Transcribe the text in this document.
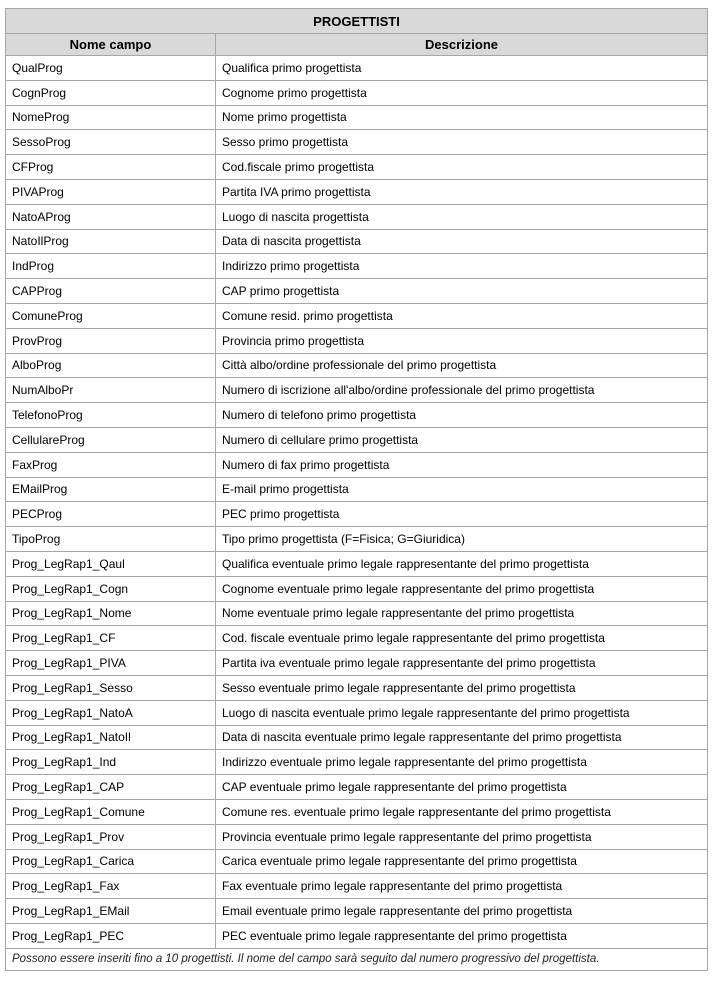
PROGETTISTI	
Nome campo	Descrizione
QualProg	Qualifica primo progettista
CognProg	Cognome primo progettista
NomeProg	Nome primo progettista
SessoProg	Sesso primo progettista
CFProg	Cod.fiscale primo progettista
PIVAProg	Partita IVA primo progettista
NatoAProg	Luogo di nascita progettista
NatoIlProg	Data di nascita progettista
IndProg	Indirizzo primo progettista
CAPProg	CAP primo progettista
ComuneProg	Comune resid. primo progettista
ProvProg	Provincia primo progettista
AlboProg	Città albo/ordine professionale del primo progettista
NumAlboPr	Numero di iscrizione all'albo/ordine professionale del primo progettista
TelefonoProg	Numero di telefono primo progettista
CellulareProg	Numero di cellulare primo progettista
FaxProg	Numero di fax primo progettista
EMailProg	E-mail primo progettista
PECProg	PEC primo progettista
TipoProg	Tipo primo progettista (F=Fisica; G=Giuridica)
Prog_LegRap1_Qaul	Qualifica eventuale primo legale rappresentante del primo progettista
Prog_LegRap1_Cogn	Cognome eventuale primo legale rappresentante del primo progettista
Prog_LegRap1_Nome	Nome eventuale primo legale rappresentante del primo progettista
Prog_LegRap1_CF	Cod. fiscale eventuale primo legale rappresentante del primo progettista
Prog_LegRap1_PIVA	Partita iva eventuale primo legale rappresentante del primo progettista
Prog_LegRap1_Sesso	Sesso eventuale primo legale rappresentante del primo progettista
Prog_LegRap1_NatoA	Luogo di nascita eventuale primo legale rappresentante del primo progettista
Prog_LegRap1_NatoIl	Data di nascita eventuale primo legale rappresentante del primo progettista
Prog_LegRap1_Ind	Indirizzo eventuale primo legale rappresentante del primo progettista
Prog_LegRap1_CAP	CAP eventuale primo legale rappresentante del primo progettista
Prog_LegRap1_Comune	Comune res. eventuale primo legale rappresentante del primo progettista
Prog_LegRap1_Prov	Provincia eventuale primo legale rappresentante del primo progettista
Prog_LegRap1_Carica	Carica eventuale primo legale rappresentante del primo progettista
Prog_LegRap1_Fax	Fax eventuale primo legale rappresentante del primo progettista
Prog_LegRap1_EMail	Email eventuale primo legale rappresentante del primo progettista
Prog_LegRap1_PEC	PEC eventuale primo legale rappresentante del primo progettista
Possono essere inseriti fino a 10 progettisti. Il nome del campo sarà seguito dal numero progressivo del progettista.	
